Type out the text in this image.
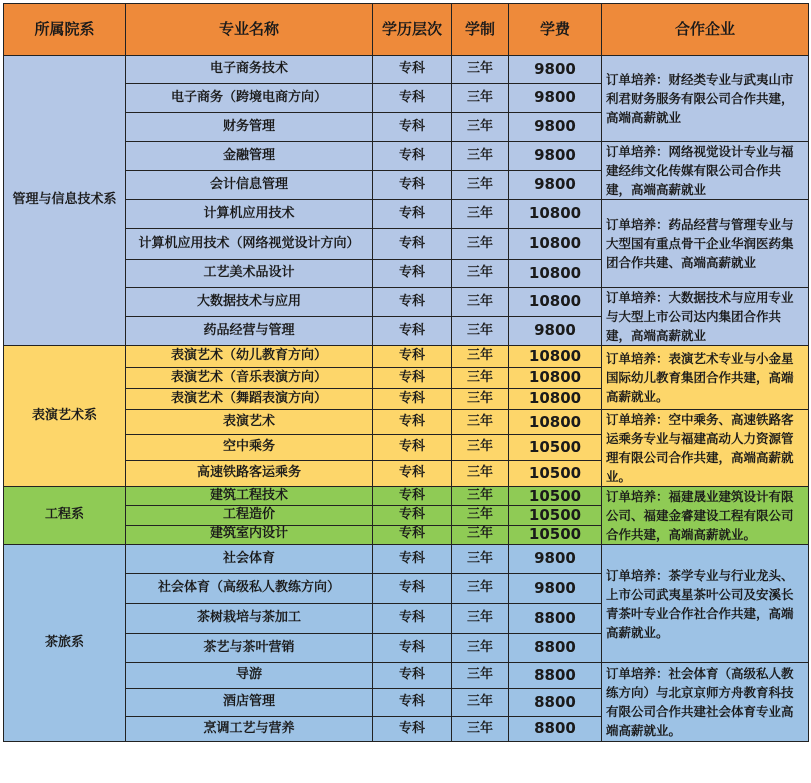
所属院系	专业名称	学历层次	学制	学费	合作企业
管理与信息技术系	电子商务技术	专科	三年	9800	订单培养：财经类专业与武夷山市利君财务服务有限公司合作共建，高端高薪就业
	电子商务（跨境电商方向）	专科	三年	9800	
	财务管理	专科	三年	9800	
	金融管理	专科	三年	9800	订单培养：网络视觉设计专业与福建经纬文化传媒有限公司合作共建，高端高薪就业
	会计信息管理	专科	三年	9800	
	计算机应用技术	专科	三年	10800	订单培养：药品经营与管理专业与大型国有重点骨干企业华润医药集团合作共建、高端高薪就业
	计算机应用技术（网络视觉设计方向）	专科	三年	10800	
	工艺美术品设计	专科	三年	10800	
	大数据技术与应用	专科	三年	10800	订单培养：大数据技术与应用专业与大型上市公司达内集团合作共建，高端高薪就业
	药品经营与管理	专科	三年	9800	
表演艺术系	表演艺术（幼儿教育方向）	专科	三年	10800	订单培养：表演艺术专业与小金星国际幼儿教育集团合作共建，高端高薪就业。
	表演艺术（音乐表演方向）	专科	三年	10800	
	表演艺术（舞蹈表演方向）	专科	三年	10800	
	表演艺术	专科	三年	10800	订单培养：空中乘务、高速铁路客运乘务专业与福建高动人力资源管理有限公司合作共建，高端高薪就业。
	空中乘务	专科	三年	10500	
	高速铁路客运乘务	专科	三年	10500	
工程系	建筑工程技术	专科	三年	10500	订单培养：福建晟业建筑设计有限公司、福建金睿建设工程有限公司合作共建，高端高薪就业。
	工程造价	专科	三年	10500	
	建筑室内设计	专科	三年	10500	
茶旅系	社会体育	专科	三年	9800	订单培养：茶学专业与行业龙头、上市公司武夷星茶叶公司及安溪长青茶叶专业合作社合作共建，高端高薪就业。
	社会体育（高级私人教练方向）	专科	三年	9800	
	茶树栽培与茶加工	专科	三年	8800	
	茶艺与茶叶营销	专科	三年	8800	
	导游	专科	三年	8800	订单培养：社会体育（高级私人教练方向）与北京京师方舟教育科技有限公司合作共建社会体育专业高端高薪就业。
	酒店管理	专科	三年	8800	
	烹调工艺与营养	专科	三年	8800	
